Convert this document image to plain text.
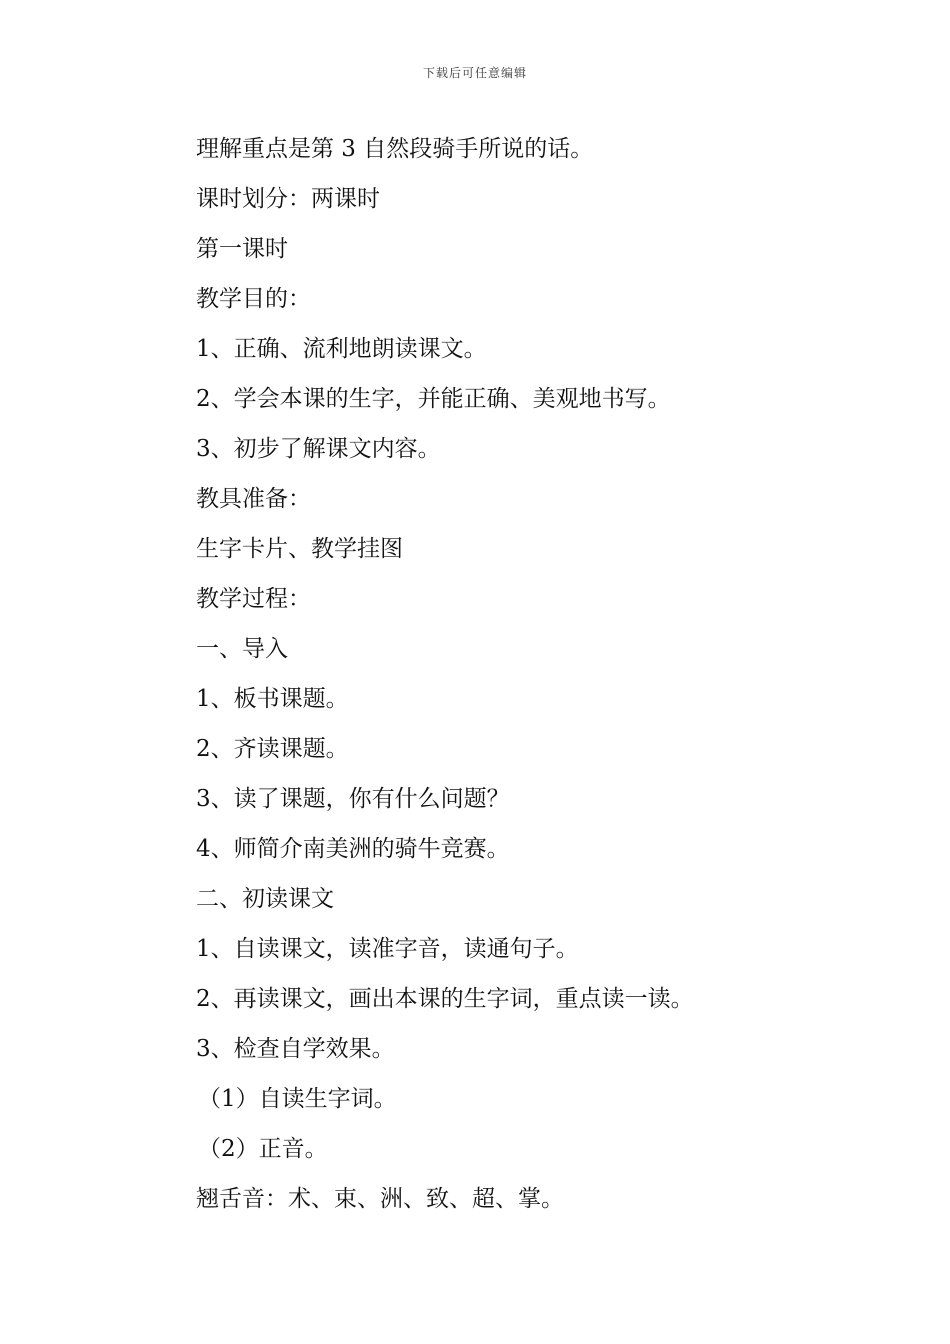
下载后可任意编辑
理解重点是第 3 自然段骑手所说的话。
课时划分：两课时
第一课时
教学目的：
1、正确、流利地朗读课文。
2、学会本课的生字，并能正确、美观地书写。
3、初步了解课文内容。
教具准备：
生字卡片、教学挂图
教学过程：
一、导入
1、板书课题。
2、齐读课题。
3、读了课题，你有什么问题？
4、师简介南美洲的骑牛竞赛。
二、初读课文
1、自读课文，读准字音，读通句子。
2、再读课文，画出本课的生字词，重点读一读。
3、检查自学效果。
（1）自读生字词。
（2）正音。
翘舌音：术、束、洲、致、超、掌。
